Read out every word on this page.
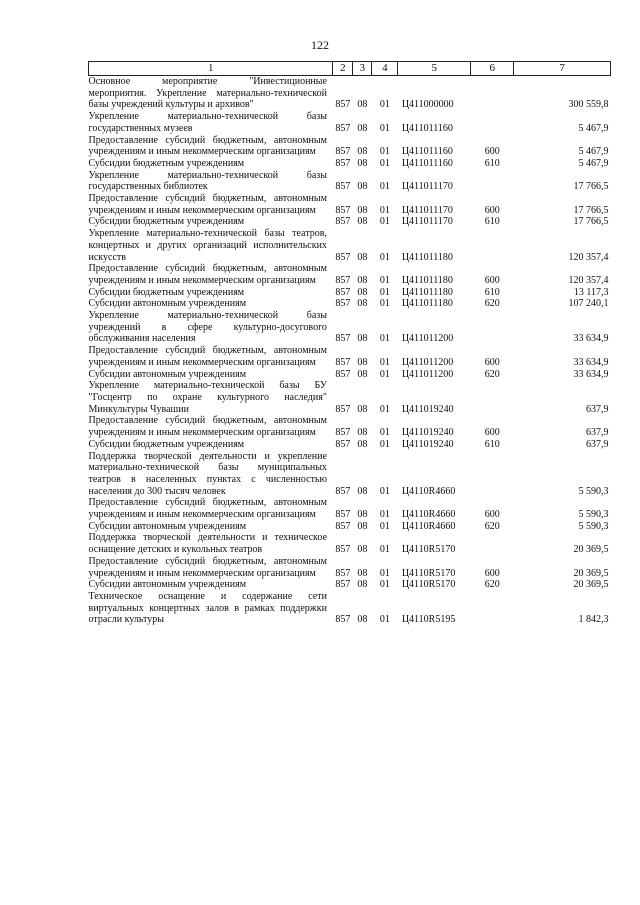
122
1	2	3	4	5	6	7
Основное мероприятие "Инвестиционные мероприятия. Укрепление материально-технической базы учреждений культуры и архивов"	857	08	01	Ц411000000		300 559,8
Укрепление материально-технической базы государственных музеев	857	08	01	Ц411011160		5 467,9
Предоставление субсидий бюджетным, автономным учреждениям и иным некоммерческим организациям	857	08	01	Ц411011160	600	5 467,9
Субсидии бюджетным учреждениям	857	08	01	Ц411011160	610	5 467,9
Укрепление материально-технической базы государственных библиотек	857	08	01	Ц411011170		17 766,5
Предоставление субсидий бюджетным, автономным учреждениям и иным некоммерческим организациям	857	08	01	Ц411011170	600	17 766,5
Субсидии бюджетным учреждениям	857	08	01	Ц411011170	610	17 766,5
Укрепление материально-технической базы театров, концертных и других организаций исполнительских искусств	857	08	01	Ц411011180		120 357,4
Предоставление субсидий бюджетным, автономным учреждениям и иным некоммерческим организациям	857	08	01	Ц411011180	600	120 357,4
Субсидии бюджетным учреждениям	857	08	01	Ц411011180	610	13 117,3
Субсидии автономным учреждениям	857	08	01	Ц411011180	620	107 240,1
Укрепление материально-технической базы учреждений в сфере культурно-досугового обслуживания населения	857	08	01	Ц411011200		33 634,9
Предоставление субсидий бюджетным, автономным учреждениям и иным некоммерческим организациям	857	08	01	Ц411011200	600	33 634,9
Субсидии автономным учреждениям	857	08	01	Ц411011200	620	33 634,9
Укрепление материально-технической базы БУ "Госцентр по охране культурного наследия" Минкультуры Чувашии	857	08	01	Ц411019240		637,9
Предоставление субсидий бюджетным, автономным учреждениям и иным некоммерческим организациям	857	08	01	Ц411019240	600	637,9
Субсидии бюджетным учреждениям	857	08	01	Ц411019240	610	637,9
Поддержка творческой деятельности и укрепление материально-технической базы муниципальных театров в населенных пунктах с численностью населения до 300 тысяч человек	857	08	01	Ц4110R4660		5 590,3
Предоставление субсидий бюджетным, автономным учреждениям и иным некоммерческим организациям	857	08	01	Ц4110R4660	600	5 590,3
Субсидии автономным учреждениям	857	08	01	Ц4110R4660	620	5 590,3
Поддержка творческой деятельности и техническое оснащение детских и кукольных театров	857	08	01	Ц4110R5170		20 369,5
Предоставление субсидий бюджетным, автономным учреждениям и иным некоммерческим организациям	857	08	01	Ц4110R5170	600	20 369,5
Субсидии автономным учреждениям	857	08	01	Ц4110R5170	620	20 369,5
Техническое оснащение и содержание сети виртуальных концертных залов в рамках поддержки отрасли культуры	857	08	01	Ц4110R5195		1 842,3
